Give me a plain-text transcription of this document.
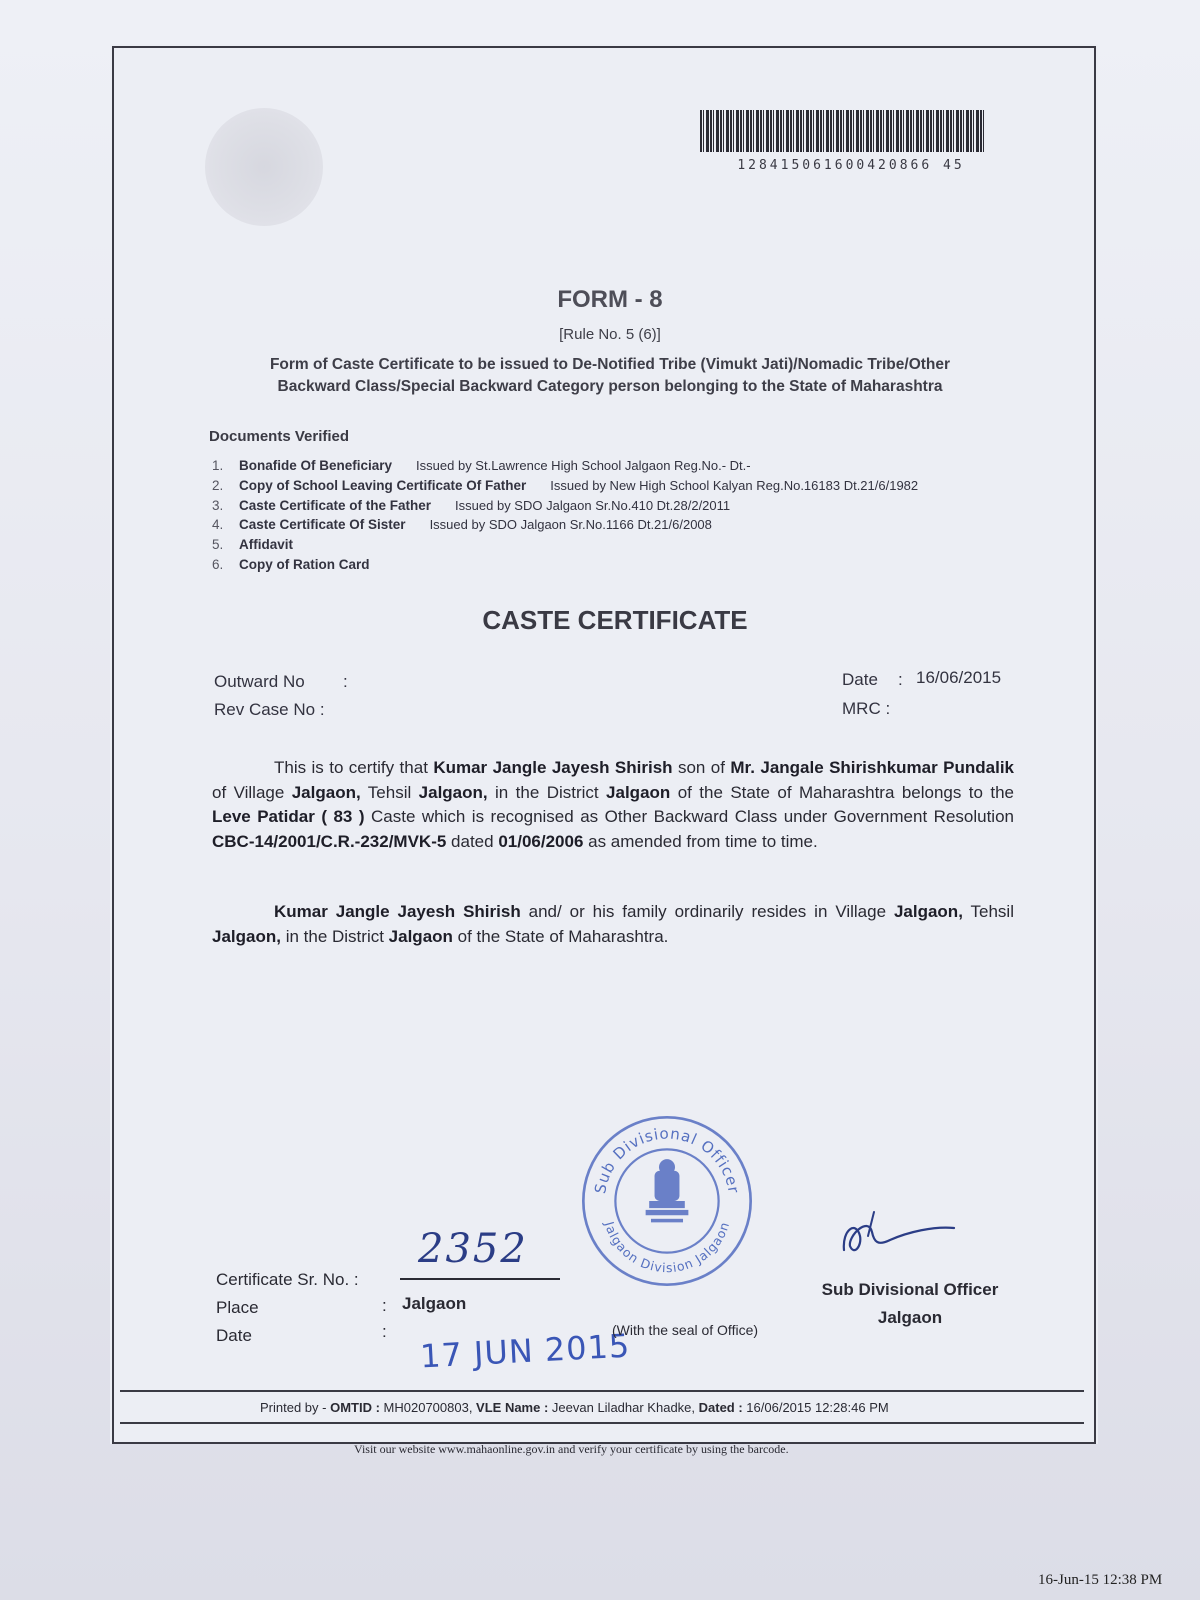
128415061600420866 45
FORM - 8
[Rule No. 5 (6)]
Form of Caste Certificate to be issued to De-Notified Tribe (Vimukt Jati)/Nomadic Tribe/Other
Backward Class/Special Backward Category person belonging to the State of Maharashtra
Documents Verified
1. Bonafide Of Beneficiary Issued by St.Lawrence High School Jalgaon Reg.No.- Dt.-
2. Copy of School Leaving Certificate Of Father Issued by New High School Kalyan Reg.No.16183 Dt.21/6/1982
3. Caste Certificate of the Father Issued by SDO Jalgaon Sr.No.410 Dt.28/2/2011
4. Caste Certificate Of Sister Issued by SDO Jalgaon Sr.No.1166 Dt.21/6/2008
5. Affidavit
6. Copy of Ration Card
CASTE CERTIFICATE
Outward No :
Rev Case No :
Date : 16/06/2015
MRC :
This is to certify that Kumar Jangle Jayesh Shirish son of Mr. Jangale Shirishkumar Pundalik of Village Jalgaon, Tehsil Jalgaon, in the District Jalgaon of the State of Maharashtra belongs to the Leve Patidar ( 83 ) Caste which is recognised as Other Backward Class under Government Resolution CBC-14/2001/C.R.-232/MVK-5 dated 01/06/2006 as amended from time to time.
Kumar Jangle Jayesh Shirish and/ or his family ordinarily resides in Village Jalgaon, Tehsil Jalgaon, in the District Jalgaon of the State of Maharashtra.
Sub Divisional Officer
Jalgaon Division Jalgaon
Certificate Sr. No. :
2352
Place	: Jalgaon
Date	: 17 JUN 2015
(With the seal of Office)
Sub Divisional Officer
Jalgaon
Printed by - OMTID : MH020700803, VLE Name : Jeevan Liladhar Khadke, Dated : 16/06/2015 12:28:46 PM
Visit our website www.mahaonline.gov.in and verify your certificate by using the barcode.
16-Jun-15 12:38 PM
